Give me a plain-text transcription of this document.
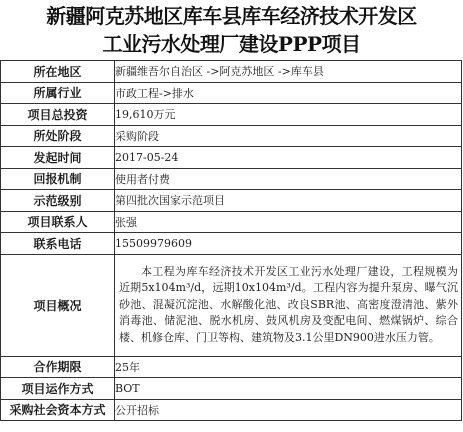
新疆阿克苏地区库车县库车经济技术开发区
工业污水处理厂建设PPP项目
所在地区	新疆维吾尔自治区 ->阿克苏地区 ->库车县
所属行业	市政工程->排水
项目总投资	19,610万元
所处阶段	采购阶段
发起时间	2017-05-24
回报机制	使用者付费
示范级别	第四批次国家示范项目
项目联系人	张强
联系电话	15509979609
项目概况	本工程为库车经济技术开发区工业污水处理厂建设，工程规模为近期5x104m³/d，远期10x104m³/d。工程内容为提升泵房、曝气沉砂池、混凝沉淀池、水解酸化池、改良SBR池、高密度澄清池、紫外消毒池、储泥池、脱水机房、鼓风机房及变配电间、燃煤锅炉、综合楼、机修仓库、门卫等构、建筑物及3.1公里DN900进水压力管。
合作期限	25年
项目运作方式	BOT
采购社会资本方式	公开招标
